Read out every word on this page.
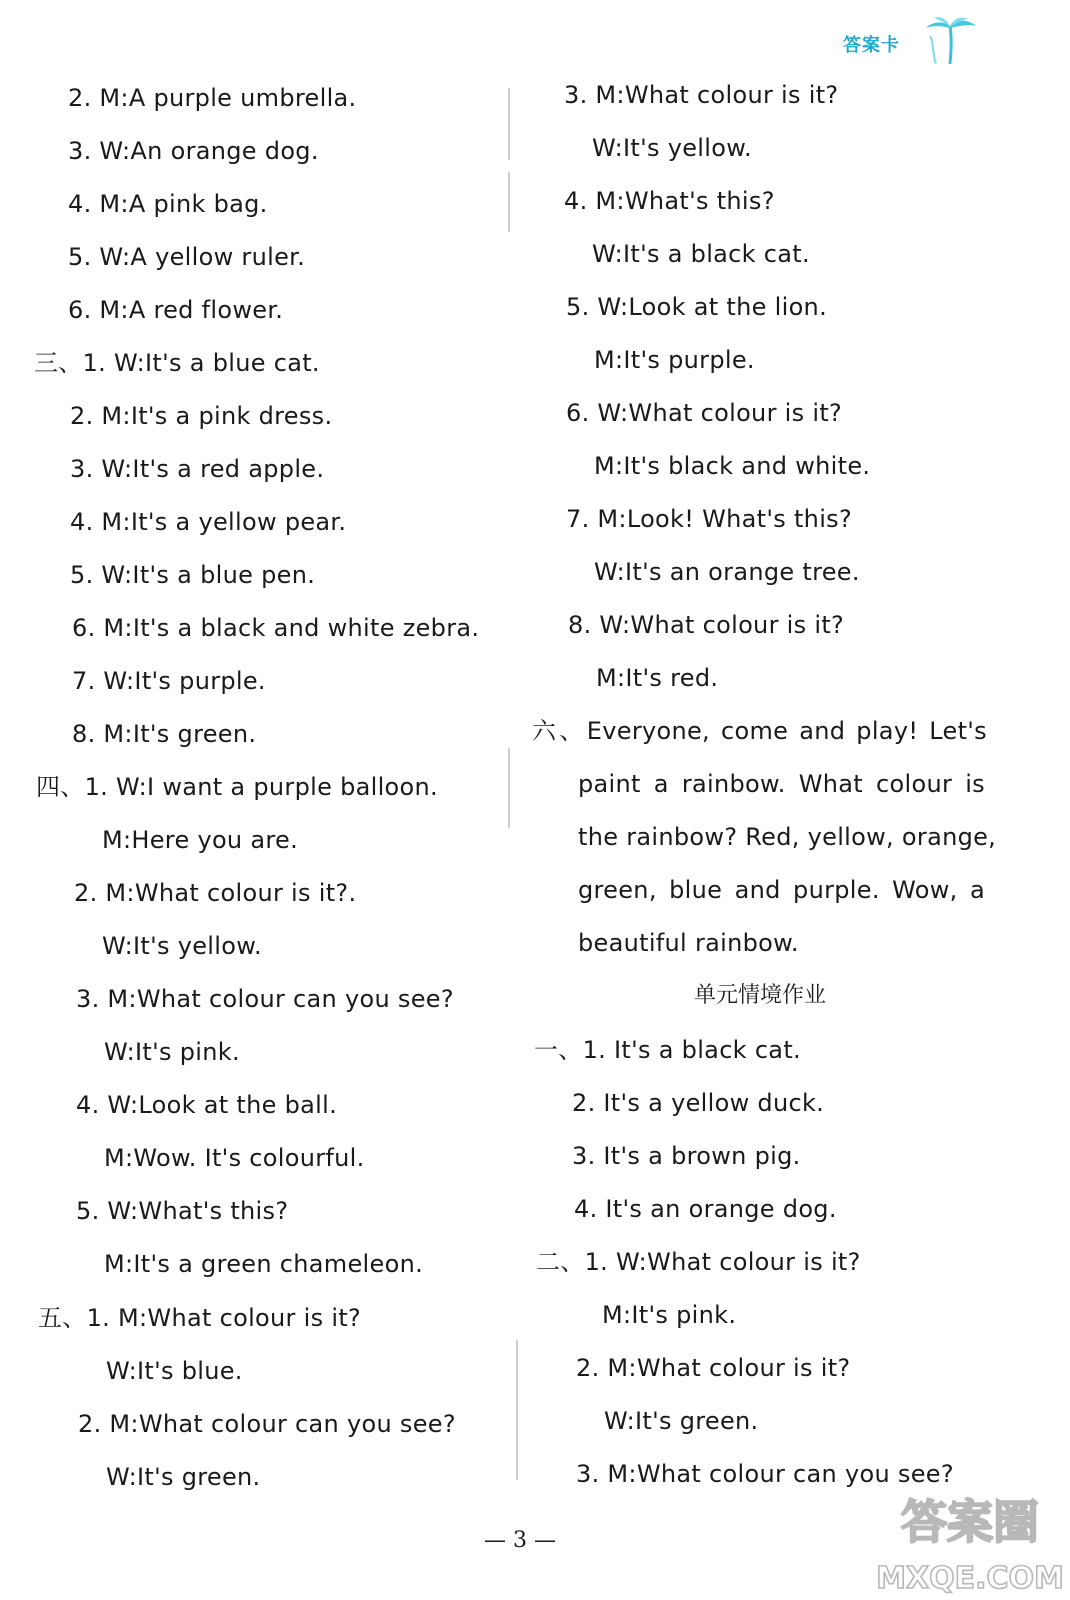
答案卡
2. M:A purple umbrella.
3. W:An orange dog.
4. M:A pink bag.
5. W:A yellow ruler.
6. M:A red flower.
三、1. W:It's a blue cat.
2. M:It's a pink dress.
3. W:It's a red apple.
4. M:It's a yellow pear.
5. W:It's a blue pen.
6. M:It's a black and white zebra.
7. W:It's purple.
8. M:It's green.
四、1. W:I want a purple balloon.
M:Here you are.
2. M:What colour is it?.
W:It's yellow.
3. M:What colour can you see?
W:It's pink.
4. W:Look at the ball.
M:Wow. It's colourful.
5. W:What's this?
M:It's a green chameleon.
五、1. M:What colour is it?
W:It's blue.
2. M:What colour can you see?
W:It's green.
3. M:What colour is it?
W:It's yellow.
4. M:What's this?
W:It's a black cat.
5. W:Look at the lion.
M:It's purple.
6. W:What colour is it?
M:It's black and white.
7. M:Look! What's this?
W:It's an orange tree.
8. W:What colour is it?
M:It's red.
六、Everyone, come and play! Let's
paint a rainbow. What colour is
the rainbow? Red, yellow, orange,
green, blue and purple. Wow, a
beautiful rainbow.
单元情境作业
一、1. It's a black cat.
2. It's a yellow duck.
3. It's a brown pig.
4. It's an orange dog.
二、1. W:What colour is it?
M:It's pink.
2. M:What colour is it?
W:It's green.
3. M:What colour can you see?
— 3 —	答案圈
MXQE.COM
